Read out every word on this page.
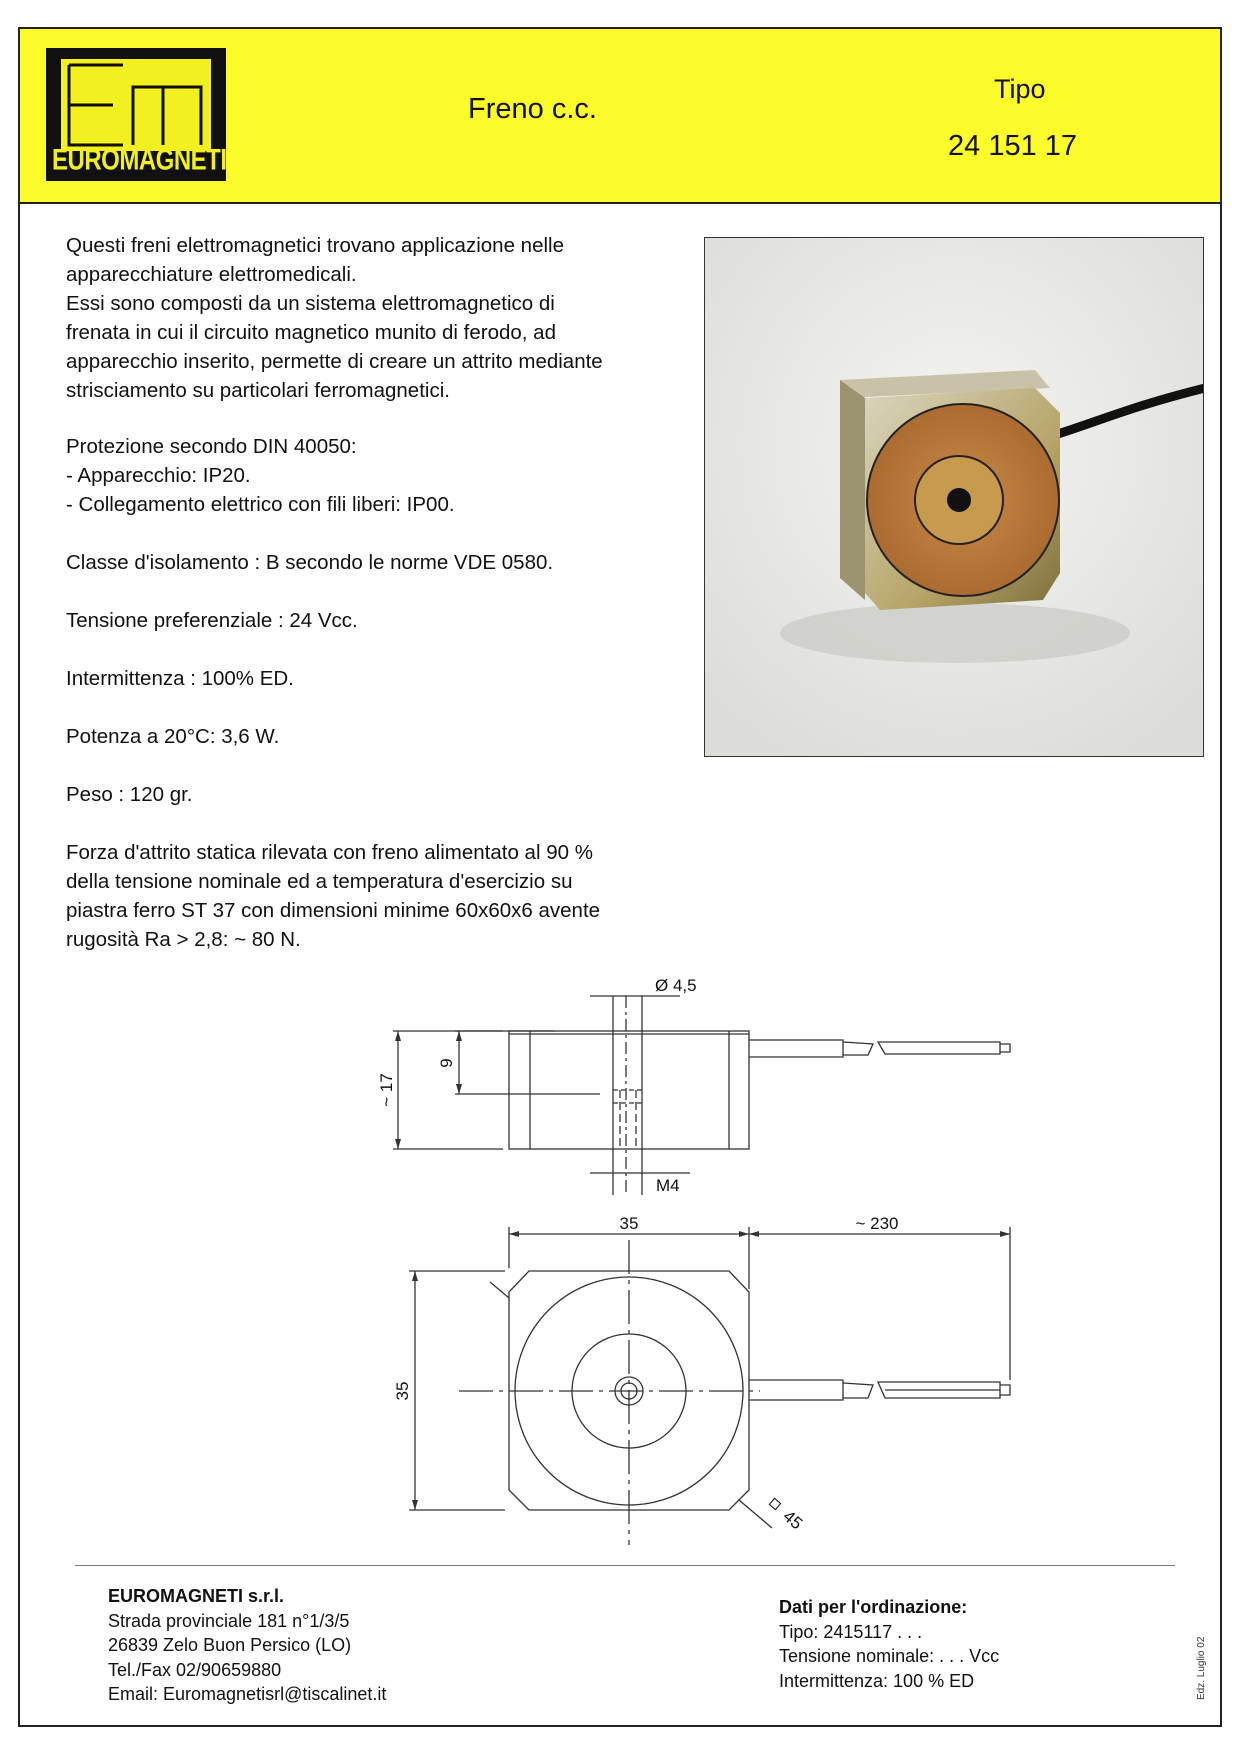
EUROMAGNETI
Freno c.c.
Tipo
24 151 17

Questi freni elettromagnetici trovano applicazione nelle

apparecchiature elettromedicali.

Essi sono composti da un sistema elettromagnetico di

frenata in cui il circuito magnetico munito di ferodo, ad

apparecchio inserito, permette di creare un attrito mediante

strisciamento su particolari ferromagnetici.

Protezione secondo DIN 40050:

- Apparecchio: IP20.

- Collegamento elettrico con fili liberi: IP00.

Classe d'isolamento : B secondo le norme VDE 0580.

Tensione preferenziale : 24 Vcc.

Intermittenza : 100% ED.

Potenza a 20°C: 3,6 W.

Peso : 120 gr.

Forza d'attrito statica rilevata con freno alimentato al 90 %

della tensione nominale ed a temperatura d'esercizio su

piastra ferro ST 37 con dimensioni minime 60x60x6 avente

rugosità Ra > 2,8: ~ 80 N.

Ø 4,5
~ 17
9
M4
35	~ 230
35
45
EUROMAGNETI s.r.l.
Strada provinciale 181 n°1/3/5
26839 Zelo Buon Persico (LO)
Tel./Fax 02/90659880
Email: Euromagnetisrl@tiscalinet.it
Dati per l'ordinazione:
Tipo: 2415117 . . .
Tensione nominale: . . . Vcc
Intermittenza: 100 % ED	Edz. Luglio 02
